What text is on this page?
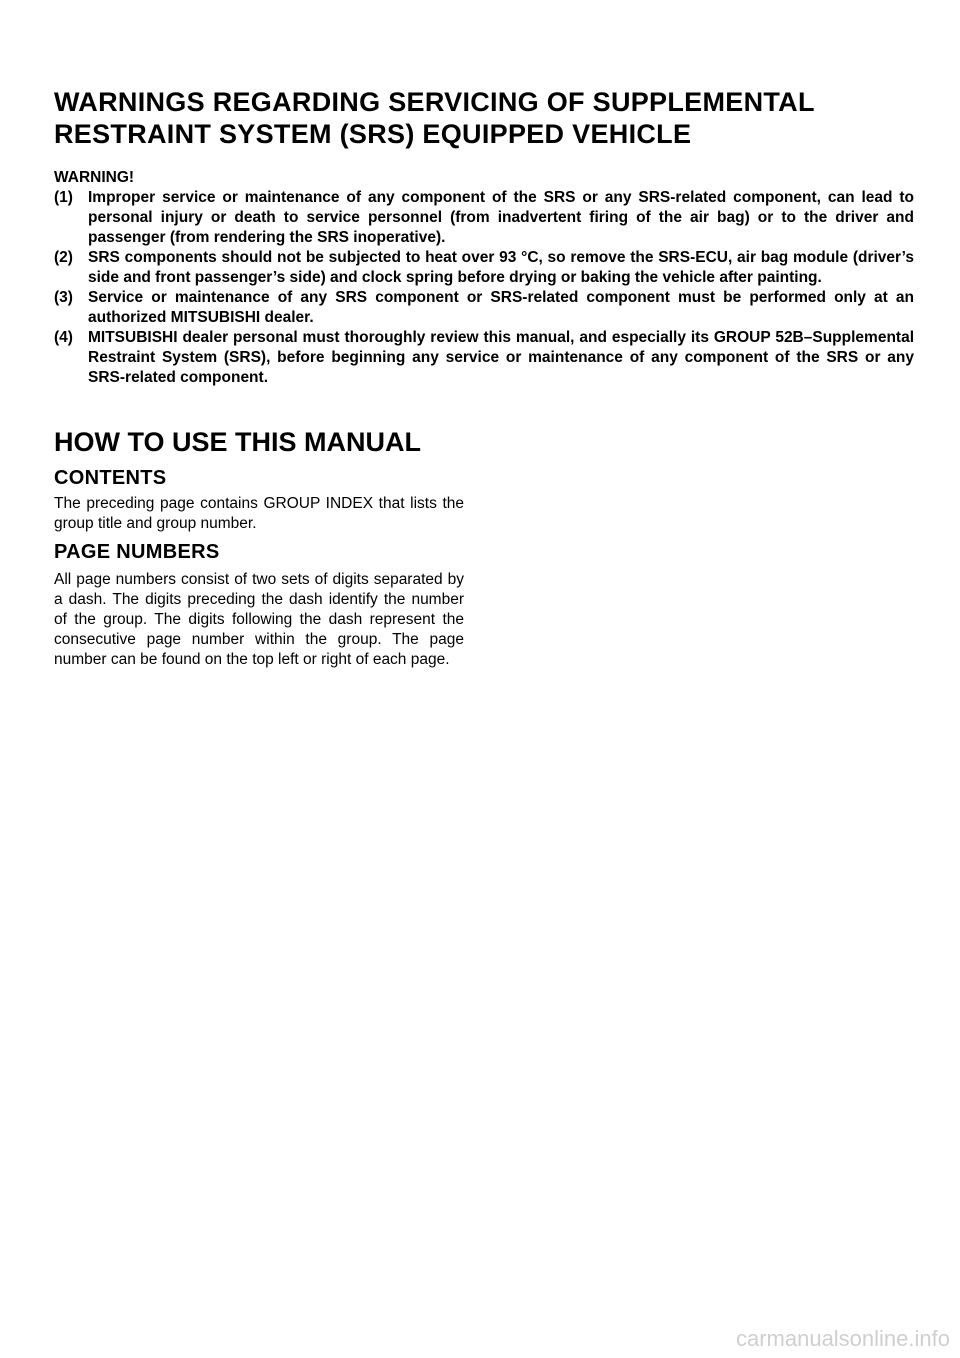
WARNINGS REGARDING SERVICING OF SUPPLEMENTAL
RESTRAINT SYSTEM (SRS) EQUIPPED VEHICLE
WARNING!
(1) Improper service or maintenance of any component of the SRS or any SRS-related component, can lead to personal injury or death to service personnel (from inadvertent firing of the air bag) or to the driver and passenger (from rendering the SRS inoperative).
(2) SRS components should not be subjected to heat over 93 °C, so remove the SRS-ECU, air bag module (driver’s side and front passenger’s side) and clock spring before drying or baking the vehicle after painting.
(3) Service or maintenance of any SRS component or SRS-related component must be performed only at an authorized MITSUBISHI dealer.
(4) MITSUBISHI dealer personal must thoroughly review this manual, and especially its GROUP 52B–Supplemental Restraint System (SRS), before beginning any service or maintenance of any component of the SRS or any SRS-related component.
HOW TO USE THIS MANUAL
CONTENTS
The preceding page contains GROUP INDEX that lists the group title and group number.
PAGE NUMBERS
All page numbers consist of two sets of digits separated by a dash. The digits preceding the dash identify the number of the group. The digits following the dash represent the consecutive page number within the group. The page number can be found on the top left or right of each page.
carmanualsonline.info
